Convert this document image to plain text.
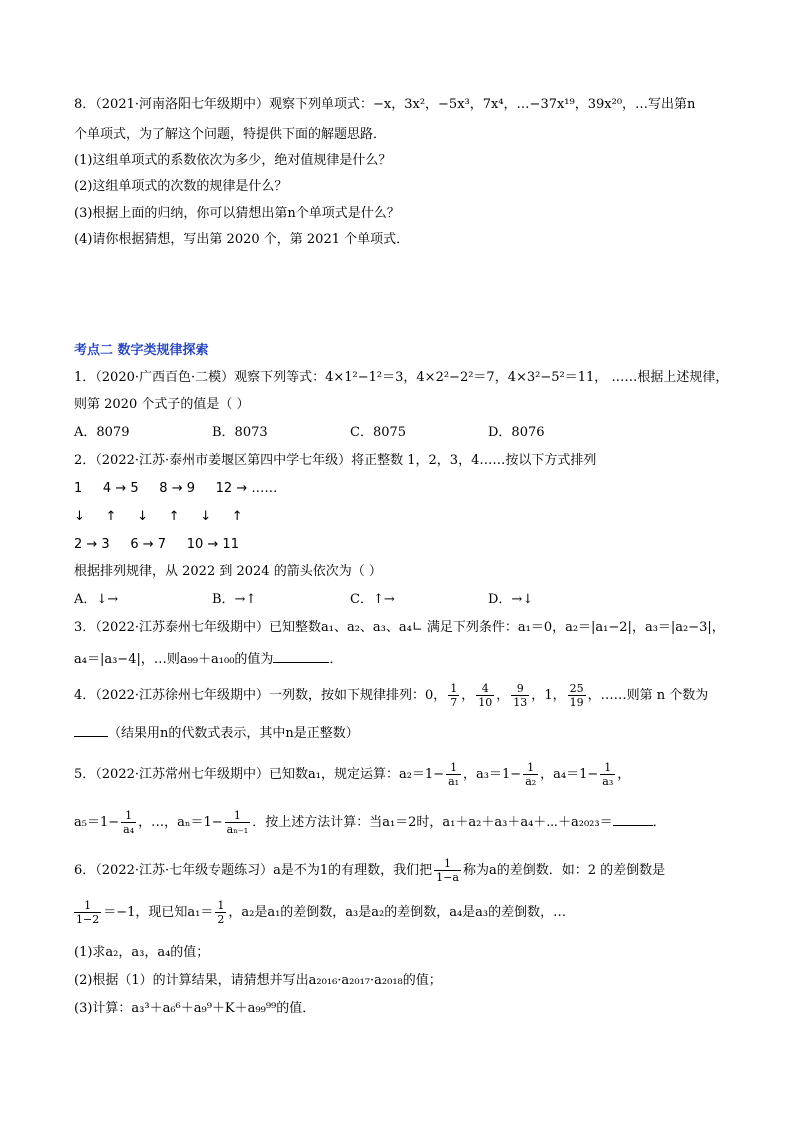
8．（2021·河南洛阳七年级期中）观察下列单项式：−x，3x²，−5x³，7x⁴，…−37x¹⁹，39x²⁰，…写出第n
个单项式，为了解这个问题，特提供下面的解题思路．
(1)这组单项式的系数依次为多少，绝对值规律是什么？
(2)这组单项式的次数的规律是什么？
(3)根据上面的归纳，你可以猜想出第n个单项式是什么？
(4)请你根据猜想，写出第 2020 个，第 2021 个单项式．
考点二 数字类规律探索
1．（2020·广西百色·二模）观察下列等式：4×1²−1²＝3，4×2²−2²＝7，4×3²−5²＝11， ……根据上述规律，
则第 2020 个式子的值是（ ）
A．8079	B．8073	C．8075	D．8076
2．（2022·江苏·泰州市姜堰区第四中学七年级）将正整数 1，2，3，4……按以下方式排列
1     4 → 5     8 → 9     12 → ……
↓     ↑     ↓     ↑     ↓     ↑
2 → 3     6 → 7     10 → 11
根据排列规律，从 2022 到 2024 的箭头依次为（ ）
A．↓→	B．→↑	C．↑→	D．→↓
3．（2022·江苏泰州七年级期中）已知整数a₁、a₂、a₃、a₄∟ 满足下列条件：a₁＝0，a₂＝|a₁−2|，a₃＝|a₂−3|，
a₄＝|a₃−4|，…则a₉₉＋a₁₀₀的值为	．
4．（2022·江苏徐州七年级期中）一列数，按如下规律排列：0， $\frac{1}{7}$ ， $\frac{4}{10}$ ， $\frac{9}{13}$ ，1， $\frac{25}{19}$ ，……则第 n 个数为
（结果用n的代数式表示，其中n是正整数）
5．（2022·江苏常州七年级期中）已知数a₁，规定运算：$a_2=1- \frac{1}{\text{a₁}}$ ，$a_3=1- \frac{1}{\text{a₂}}$ ，$a_4=1- \frac{1}{\text{a₃}}$ ，
$a_5=1- \frac{1}{\text{a₄}}$ ，…，$a_n=1- \frac{1}{\text{aₙ₋₁}}$ ．按上述方法计算：当a₁＝2时，a₁＋a₂＋a₃＋a₄＋⋯＋a₂₀₂₃＝	．
6．（2022·江苏·七年级专题练习）a是不为1的有理数，我们把 $\frac{1}{1-a}$ 称为a的差倒数．如：2 的差倒数是
$\frac{1}{1-2} =-1$，现已知$a_1= \frac{1}{2}$ ，a₂是a₁的差倒数，a₃是a₂的差倒数，a₄是a₃的差倒数，…
(1)求a₂，a₃，a₄的值；
(2)根据（1）的计算结果，请猜想并写出a₂₀₁₆·a₂₀₁₇·a₂₀₁₈的值；
(3)计算：a₃³＋a₆⁶＋a₉⁹＋K＋a₉₉⁹⁹的值．
